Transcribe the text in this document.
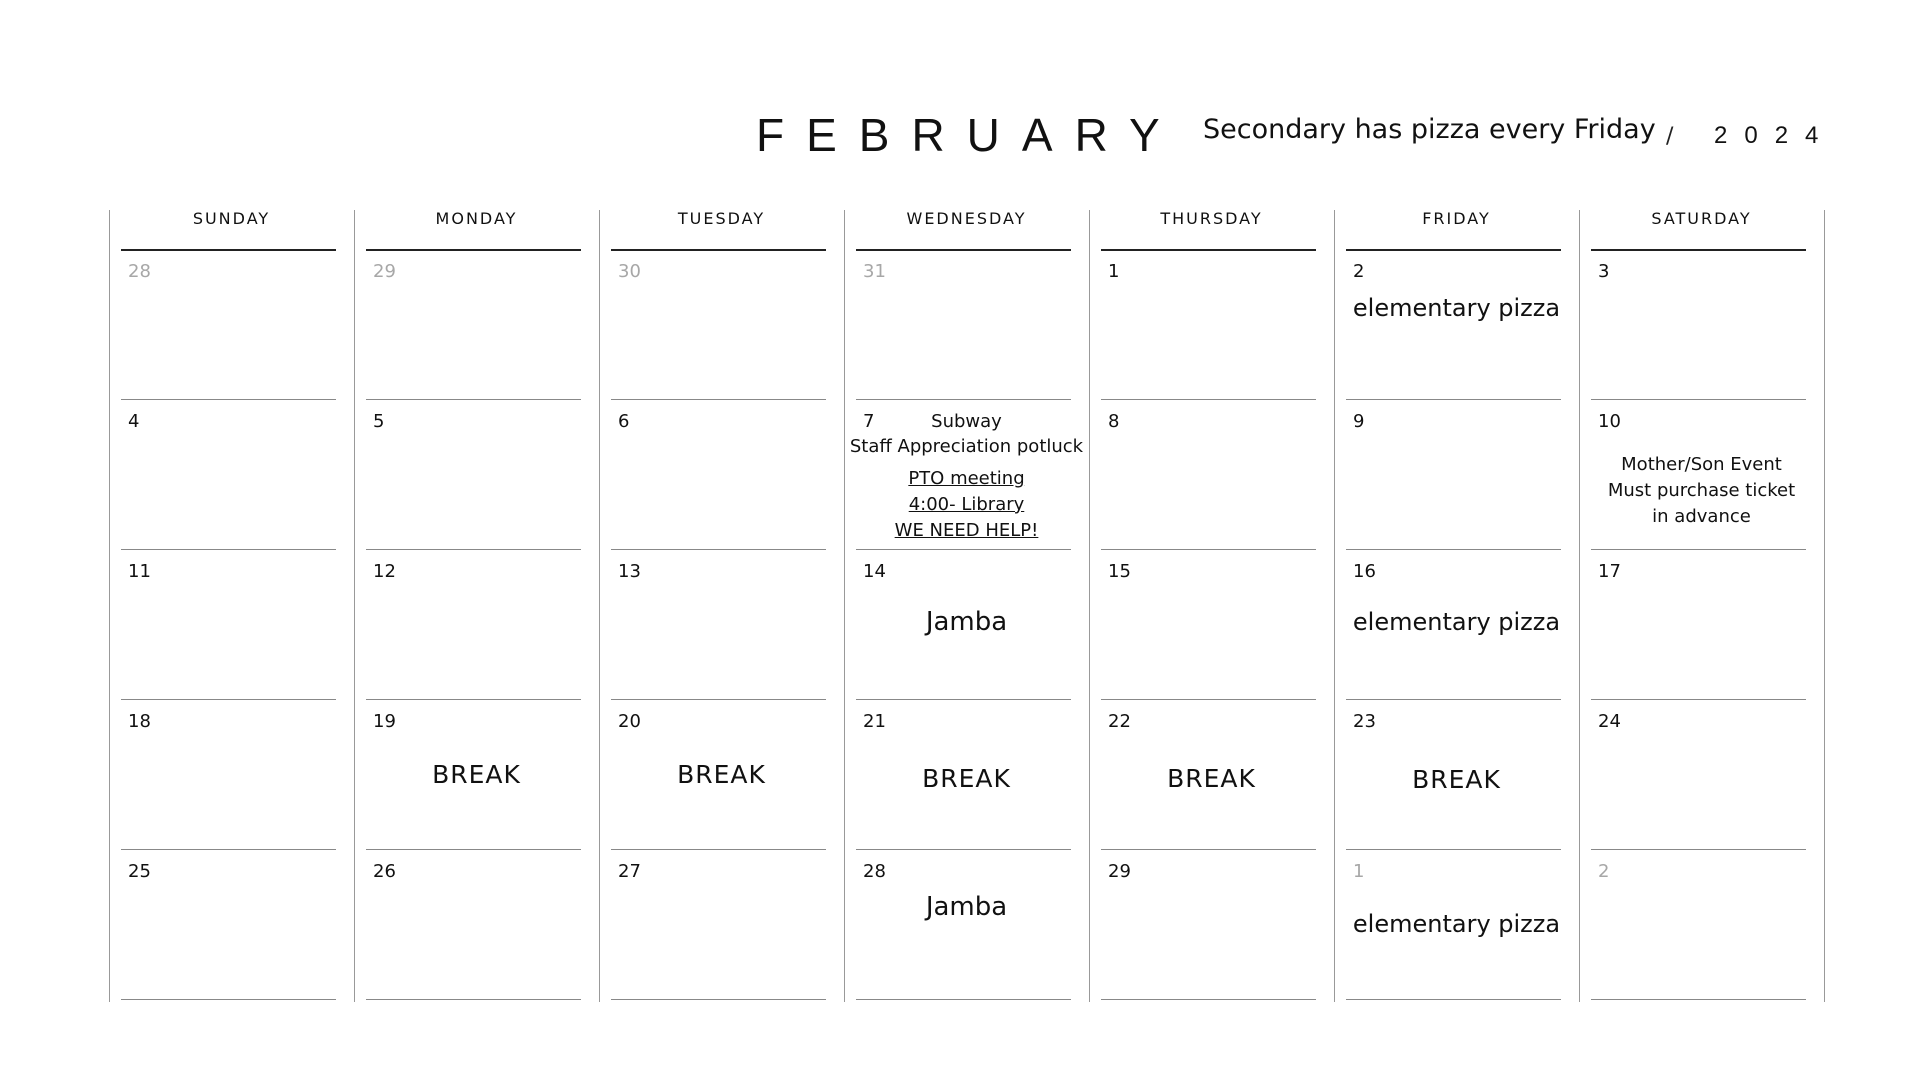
FEBRUARY Secondary has pizza every Friday / 2024
SUNDAY
28
4
11
18
25
MONDAY
29
5
12
19
BREAK
26
TUESDAY
30
6
13
20
BREAK
27
WEDNESDAY
31
7	Subway
Staff Appreciation potluck
PTO meeting
4:00- Library
WE NEED HELP!
14
Jamba
21
BREAK
28
Jamba
THURSDAY
1
8
15
22
BREAK
29
FRIDAY
2
elementary pizza
9
16
elementary pizza
23
BREAK
1
elementary pizza
SATURDAY
3
10
Mother/Son Event
Must purchase ticket
in advance
17
24
2
